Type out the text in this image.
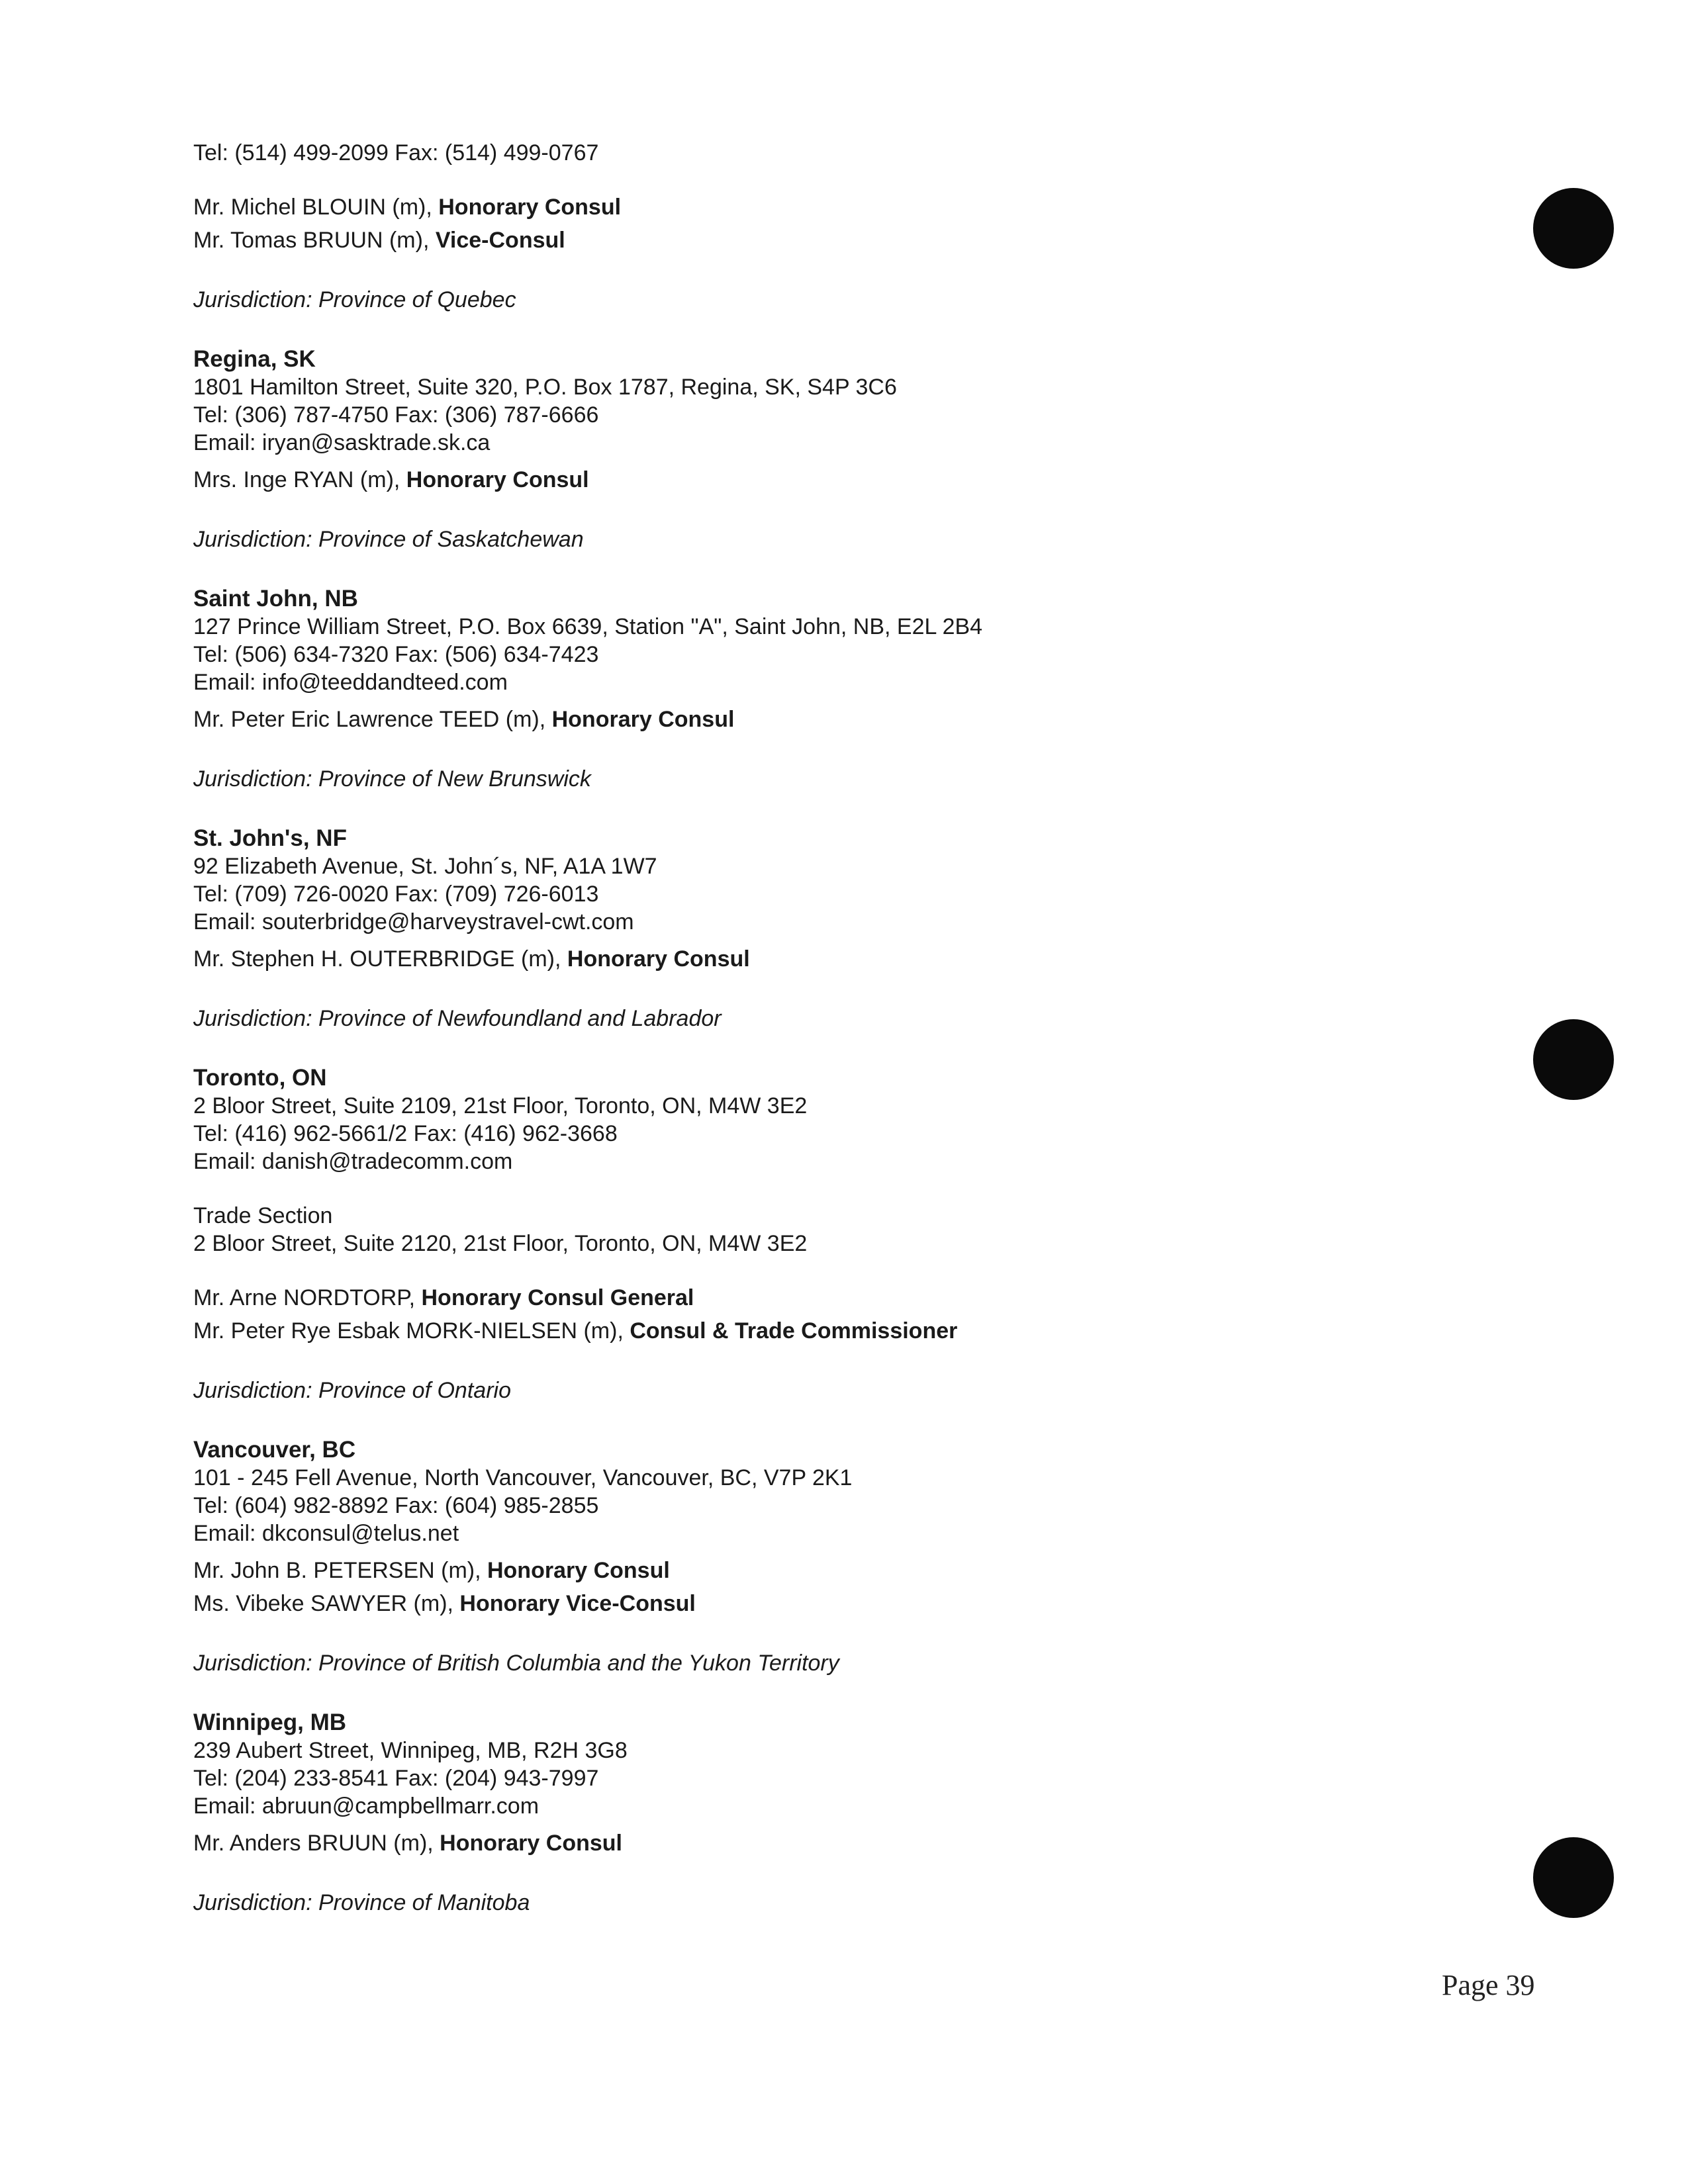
Tel: (514) 499-2099 Fax: (514) 499-0767
Mr. Michel BLOUIN (m), Honorary Consul
Mr. Tomas BRUUN (m), Vice-Consul
Jurisdiction: Province of Quebec
Regina, SK
1801 Hamilton Street, Suite 320, P.O. Box 1787, Regina, SK, S4P 3C6
Tel: (306) 787-4750 Fax: (306) 787-6666
Email: iryan@sasktrade.sk.ca
Mrs. Inge RYAN (m), Honorary Consul
Jurisdiction: Province of Saskatchewan
Saint John, NB
127 Prince William Street, P.O. Box 6639, Station "A", Saint John, NB, E2L 2B4
Tel: (506) 634-7320 Fax: (506) 634-7423
Email: info@teeddandteed.com
Mr. Peter Eric Lawrence TEED (m), Honorary Consul
Jurisdiction: Province of New Brunswick
St. John's, NF
92 Elizabeth Avenue, St. John´s, NF, A1A 1W7
Tel: (709) 726-0020 Fax: (709) 726-6013
Email: souterbridge@harveystravel-cwt.com
Mr. Stephen H. OUTERBRIDGE (m), Honorary Consul
Jurisdiction: Province of Newfoundland and Labrador
Toronto, ON
2 Bloor Street, Suite 2109, 21st Floor, Toronto, ON, M4W 3E2
Tel: (416) 962-5661/2 Fax: (416) 962-3668
Email: danish@tradecomm.com
Trade Section
2 Bloor Street, Suite 2120, 21st Floor, Toronto, ON, M4W 3E2
Mr. Arne NORDTORP, Honorary Consul General
Mr. Peter Rye Esbak MORK-NIELSEN (m), Consul & Trade Commissioner
Jurisdiction: Province of Ontario
Vancouver, BC
101 - 245 Fell Avenue, North Vancouver, Vancouver, BC, V7P 2K1
Tel: (604) 982-8892 Fax: (604) 985-2855
Email: dkconsul@telus.net
Mr. John B. PETERSEN (m), Honorary Consul
Ms. Vibeke SAWYER (m), Honorary Vice-Consul
Jurisdiction: Province of British Columbia and the Yukon Territory
Winnipeg, MB
239 Aubert Street, Winnipeg, MB, R2H 3G8
Tel: (204) 233-8541 Fax: (204) 943-7997
Email: abruun@campbellmarr.com
Mr. Anders BRUUN (m), Honorary Consul
Jurisdiction: Province of Manitoba
Page 39
